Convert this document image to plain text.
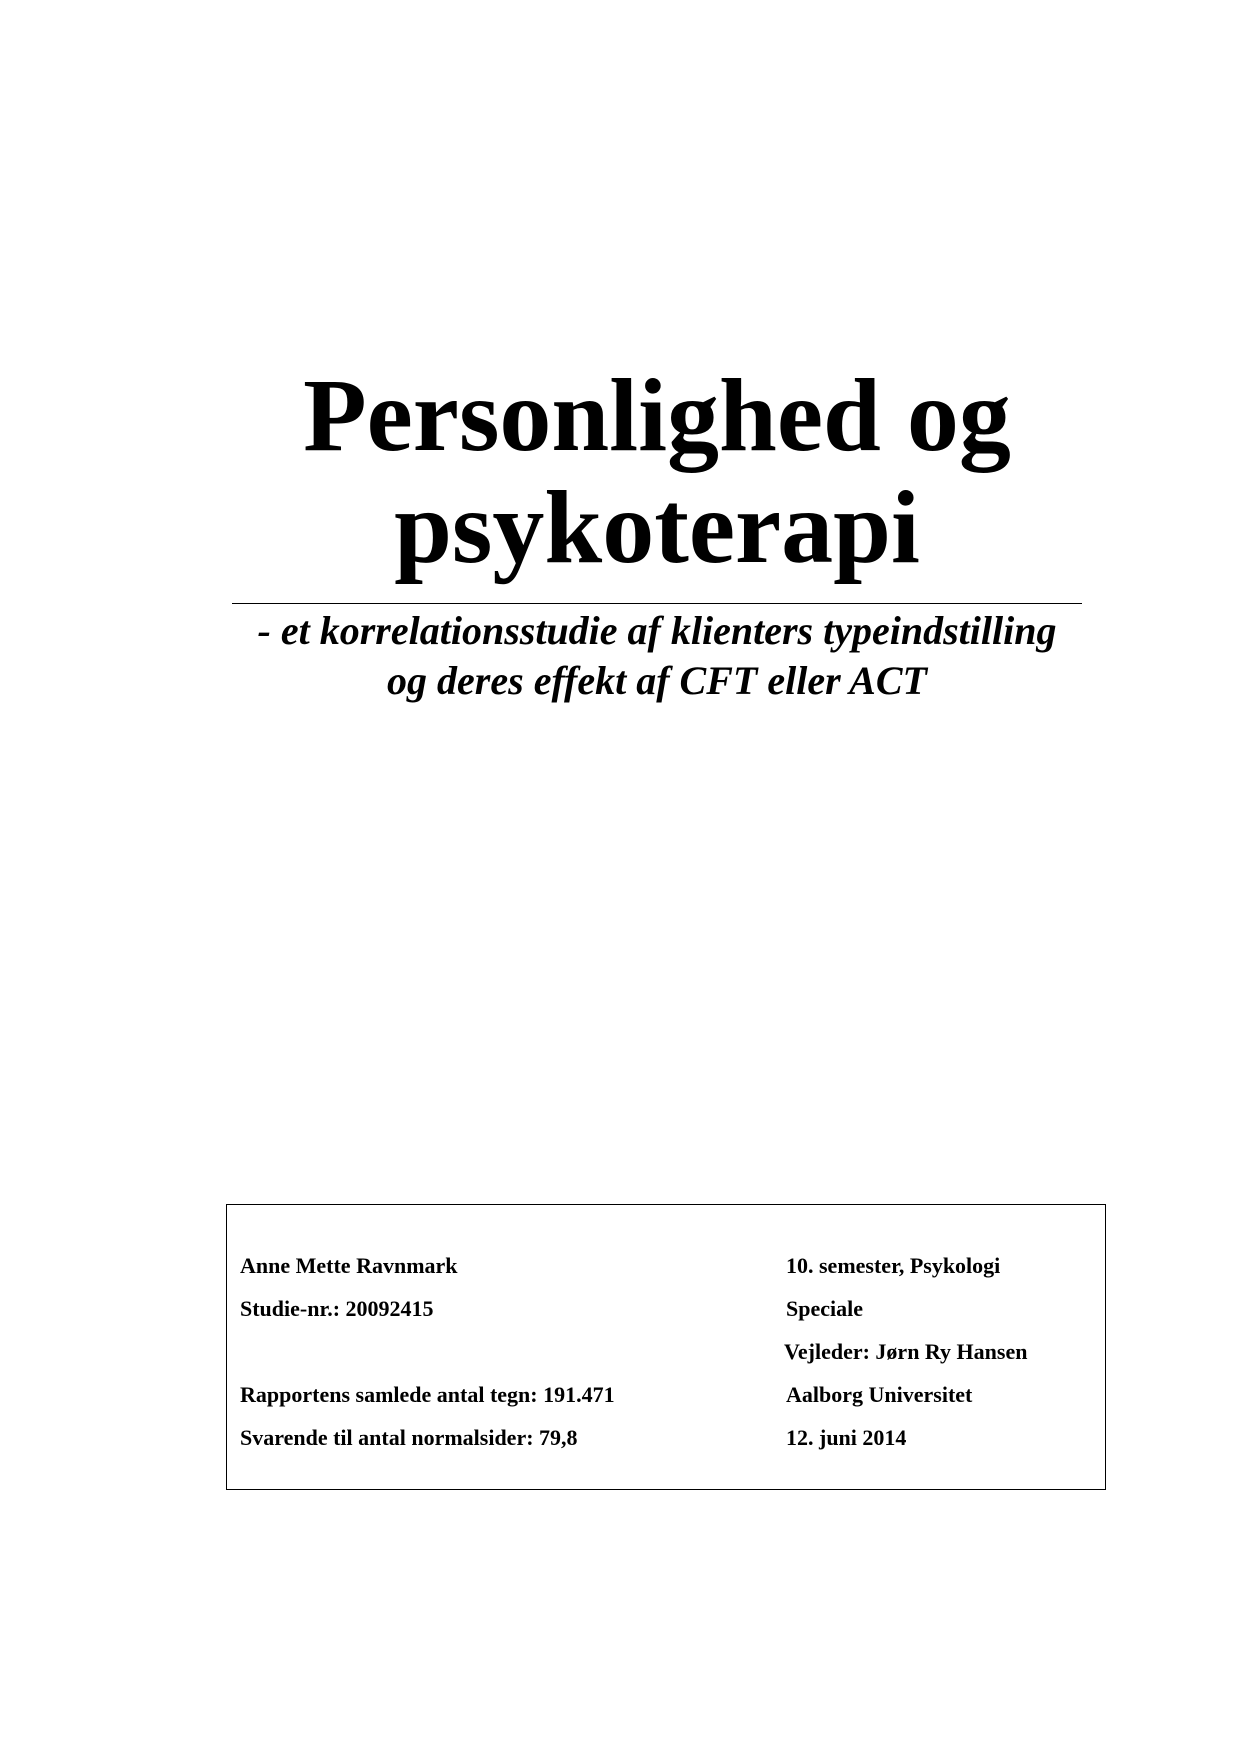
Personlighed og
psykoterapi
- et korrelationsstudie af klienters typeindstilling
og deres effekt af CFT eller ACT
Anne Mette Ravnmark
Studie-nr.: 20092415
Rapportens samlede antal tegn: 191.471
Svarende til antal normalsider: 79,8
10. semester, Psykologi
Speciale
Vejleder: Jørn Ry Hansen
Aalborg Universitet
12. juni 2014
